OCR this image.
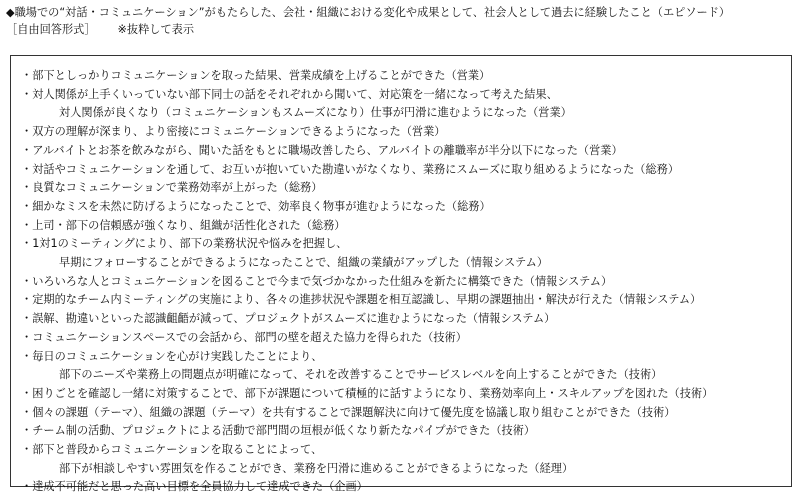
◆職場での“対話・コミュニケーション”がもたらした、会社・組織における変化や成果として、社会人として過去に経験したこと（エピソード）
［自由回答形式］ ※抜粋して表示
・部下としっかりコミュニケーションを取った結果、営業成績を上げることができた（営業）
・対人関係が上手くいっていない部下同士の話をそれぞれから聞いて、対応策を一緒になって考えた結果、
対人関係が良くなり（コミュニケーションもスムーズになり）仕事が円滑に進むようになった（営業）
・双方の理解が深まり、より密接にコミュニケーションできるようになった（営業）
・アルバイトとお茶を飲みながら、聞いた話をもとに職場改善したら、アルバイトの離職率が半分以下になった（営業）
・対話やコミュニケーションを通して、お互いが抱いていた勘違いがなくなり、業務にスムーズに取り組めるようになった（総務）
・良質なコミュニケーションで業務効率が上がった（総務）
・細かなミスを未然に防げるようになったことで、効率良く物事が進むようになった（総務）
・上司・部下の信頼感が強くなり、組織が活性化された（総務）
・1対1のミーティングにより、部下の業務状況や悩みを把握し、
早期にフォローすることができるようになったことで、組織の業績がアップした（情報システム）
・いろいろな人とコミュニケーションを図ることで今まで気づかなかった仕組みを新たに構築できた（情報システム）
・定期的なチーム内ミーティングの実施により、各々の進捗状況や課題を相互認識し、早期の課題抽出・解決が行えた（情報システム）
・誤解、勘違いといった認識齟齬が減って、プロジェクトがスムーズに進むようになった（情報システム）
・コミュニケーションスペースでの会話から、部門の壁を超えた協力を得られた（技術）
・毎日のコミュニケーションを心がけ実践したことにより、
部下のニーズや業務上の問題点が明確になって、それを改善することでサービスレベルを向上することができた（技術）
・困りごとを確認し一緒に対策することで、部下が課題について積極的に話すようになり、業務効率向上・スキルアップを図れた（技術）
・個々の課題（テーマ）、組織の課題（テーマ）を共有することで課題解決に向けて優先度を協議し取り組むことができた（技術）
・チーム制の活動、プロジェクトによる活動で部門間の垣根が低くなり新たなパイプができた（技術）
・部下と普段からコミュニケーションを取ることによって、
部下が相談しやすい雰囲気を作ることができ、業務を円滑に進めることができるようになった（経理）
・達成不可能だと思った高い目標を全員協力して達成できた（企画）
